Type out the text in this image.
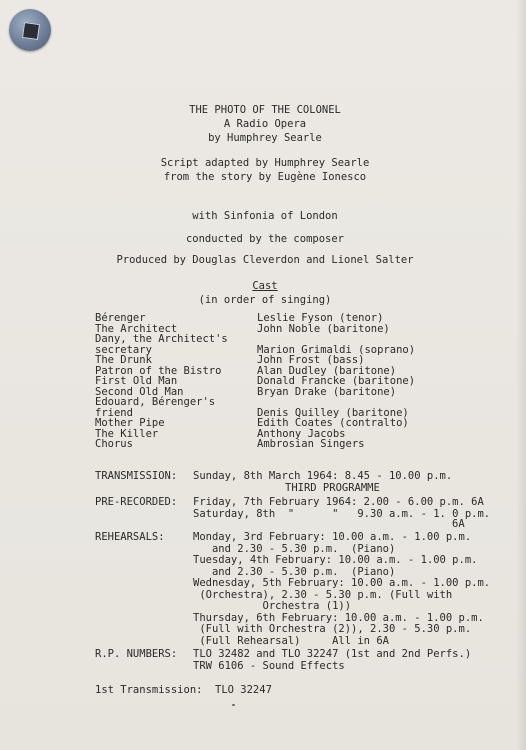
THE PHOTO OF THE COLONEL
A Radio Opera
by Humphrey Searle
Script adapted by Humphrey Searle
from the story by Eugène Ionesco
with Sinfonia of London
conducted by the composer
Produced by Douglas Cleverdon and Lionel Salter
Cast
(in order of singing)
Bérenger	Leslie Fyson (tenor)
The Architect	John Noble (baritone)
Dany, the Architect's
secretary	Marion Grimaldi (soprano)
The Drunk	John Frost (bass)
Patron of the Bistro	Alan Dudley (baritone)
First Old Man	Donald Francke (baritone)
Second Old Man	Bryan Drake (baritone)
Edouard, Bérenger's
friend	Denis Quilley (baritone)
Mother Pipe	Edith Coates (contralto)
The Killer	Anthony Jacobs
Chorus	Ambrosian Singers
TRANSMISSION: Sunday, 8th March 1964: 8.45 - 10.00 p.m.
THIRD PROGRAMME
PRE-RECORDED: Friday, 7th February 1964: 2.00 - 6.00 p.m. 6A
Saturday, 8th  "      "   9.30 a.m. - 1. 0 p.m.
6A
REHEARSALS:	Monday, 3rd February: 10.00 a.m. - 1.00 p.m.
and 2.30 - 5.30 p.m.  (Piano)
Tuesday, 4th February: 10.00 a.m. - 1.00 p.m.
and 2.30 - 5.30 p.m.  (Piano)
Wednesday, 5th February: 10.00 a.m. - 1.00 p.m.
(Orchestra), 2.30 - 5.30 p.m. (Full with
Orchestra (1))
Thursday, 6th February: 10.00 a.m. - 1.00 p.m.
(Full with Orchestra (2)), 2.30 - 5.30 p.m.
(Full Rehearsal)     All in 6A
R.P. NUMBERS: TLO 32482 and TLO 32247 (1st and 2nd Perfs.)
TRW 6106 - Sound Effects
1st Transmission: TLO 32247
